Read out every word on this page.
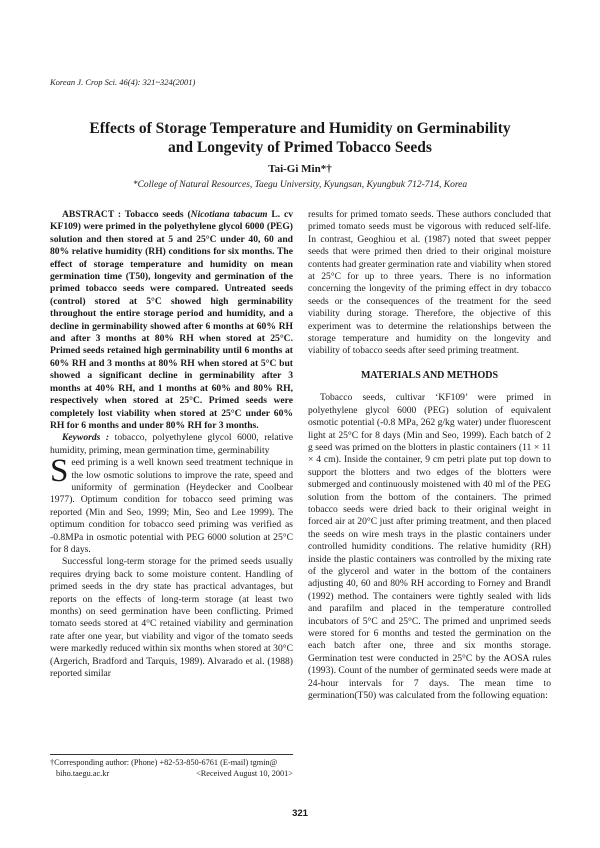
Korean J. Crop Sci. 46(4): 321~324(2001)
Effects of Storage Temperature and Humidity on Germinability
and Longevity of Primed Tobacco Seeds
Tai-Gi Min*†
*College of Natural Resources, Taegu University, Kyungsan, Kyungbuk 712-714, Korea

ABSTRACT : Tobacco seeds (Nicotiana tabacum L. cv KF109) were primed in the polyethylene glycol 6000 (PEG) solution and then stored at 5 and 25°C under 40, 60 and 80% relative humidity (RH) conditions for six months. The effect of storage temperature and humidity on mean germination time (T50), longevity and germination of the primed tobacco seeds were compared. Untreated seeds (control) stored at 5°C showed high germinability throughout the entire storage period and humidity, and a decline in germinability showed after 6 months at 60% RH and after 3 months at 80% RH when stored at 25°C. Primed seeds retained high germinability until 6 months at 60% RH and 3 months at 80% RH when stored at 5°C but showed a significant decline in germinability after 3 months at 40% RH, and 1 months at 60% and 80% RH, respectively when stored at 25°C. Primed seeds were completely lost viability when stored at 25°C under 60% RH for 6 months and under 80% RH for 3 months.

Keywords : tobacco, polyethylene glycol 6000, relative humidity, priming, mean germination time, germinability

Seed priming is a well known seed treatment technique in the low osmotic solutions to improve the rate, speed and uniformity of germination (Heydecker and Coolbear 1977). Optimum condition for tobacco seed priming was reported (Min and Seo, 1999; Min, Seo and Lee 1999). The optimum condition for tobacco seed priming was verified as -0.8MPa in osmotic potential with PEG 6000 solution at 25°C for 8 days.

Successful long-term storage for the primed seeds usually requires drying back to some moisture content. Handling of primed seeds in the dry state has practical advantages, but reports on the effects of long-term storage (at least two months) on seed germination have been conflicting. Primed tomato seeds stored at 4°C retained viability and germination rate after one year, but viability and vigor of the tomato seeds were markedly reduced within six months when stored at 30°C (Argerich, Bradford and Tarquis, 1989). Alvarado et al. (1988) reported similar

results for primed tomato seeds. These authors concluded that primed tomato seeds must be vigorous with reduced self-life. In contrast, Geoghiou et al. (1987) noted that sweet pepper seeds that were primed then dried to their original moisture contents had greater germination rate and viability when stored at 25°C for up to three years. There is no information concerning the longevity of the priming effect in dry tobacco seeds or the consequences of the treatment for the seed viability during storage. Therefore, the objective of this experiment was to determine the relationships between the storage temperature and humidity on the longevity and viability of tobacco seeds after seed priming treatment.

MATERIALS AND METHODS

Tobacco seeds, cultivar ‘KF109’ were primed in polyethylene glycol 6000 (PEG) solution of equivalent osmotic potential (-0.8 MPa, 262 g/kg water) under fluorescent light at 25°C for 8 days (Min and Seo, 1999). Each batch of 2 g seed was primed on the blotters in plastic containers (11 × 11 × 4 cm). Inside the container, 9 cm petri plate put top down to support the blotters and two edges of the blotters were submerged and continuously moistened with 40 ml of the PEG solution from the bottom of the containers. The primed tobacco seeds were dried back to their original weight in forced air at 20°C just after priming treatment, and then placed the seeds on wire mesh trays in the plastic containers under controlled humidity conditions. The relative humidity (RH) inside the plastic containers was controlled by the mixing rate of the glycerol and water in the bottom of the containers adjusting 40, 60 and 80% RH according to Forney and Brandl (1992) method. The containers were tightly sealed with lids and parafilm and placed in the temperature controlled incubators of 5°C and 25°C. The primed and unprimed seeds were stored for 6 months and tested the germination on the each batch after one, three and six months storage. Germination test were conducted in 25°C by the AOSA rules (1993). Count of the number of germinated seeds were made at 24-hour intervals for 7 days. The mean time to germination(T50) was calculated from the following equation:

†Corresponding author: (Phone) +82-53-850-6761 (E-mail) tgmin@
biho.taegu.ac.kr	<Received August 10, 2001>
321
